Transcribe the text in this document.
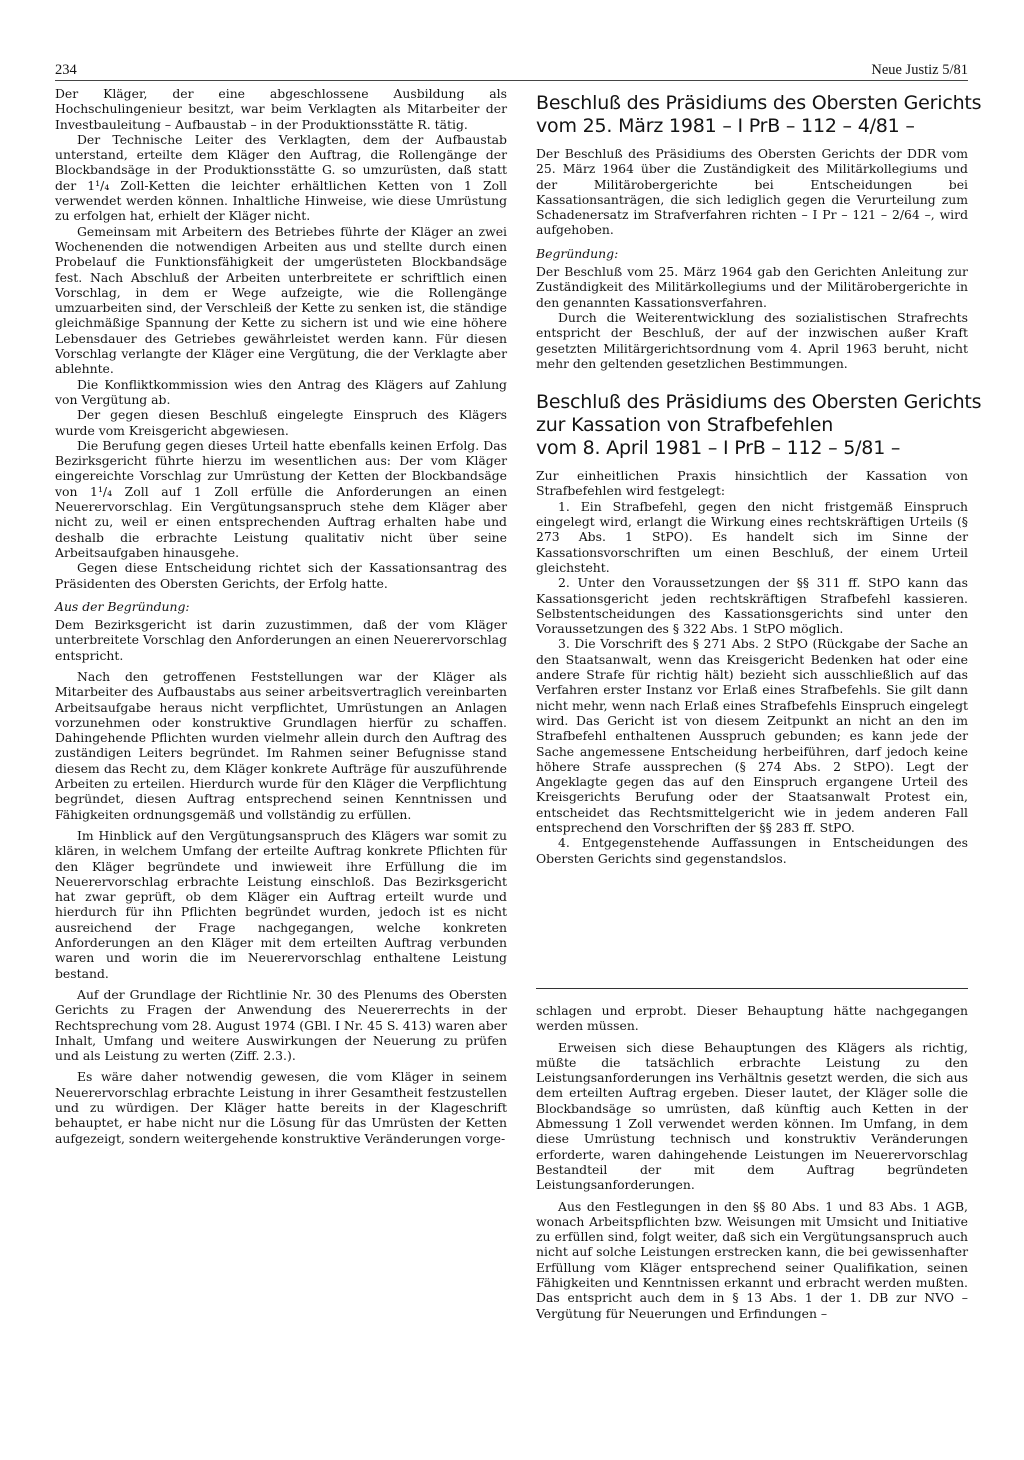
234	Neue Justiz 5/81

Der Kläger, der eine abgeschlossene Ausbildung als Hochschulingenieur besitzt, war beim Verklagten als Mitarbeiter der Investbauleitung – Aufbaustab – in der Produktionsstätte R. tätig.

Der Technische Leiter des Verklagten, dem der Aufbaustab unterstand, erteilte dem Kläger den Auftrag, die Rollengänge der Blockbandsäge in der Produktionsstätte G. so umzurüsten, daß statt der 1¹/₄ Zoll-Ketten die leichter erhältlichen Ketten von 1 Zoll verwendet werden können. Inhaltliche Hinweise, wie diese Umrüstung zu erfolgen hat, erhielt der Kläger nicht.

Gemeinsam mit Arbeitern des Betriebes führte der Kläger an zwei Wochenenden die notwendigen Arbeiten aus und stellte durch einen Probelauf die Funktionsfähigkeit der umgerüsteten Blockbandsäge fest. Nach Abschluß der Arbeiten unterbreitete er schriftlich einen Vorschlag, in dem er Wege aufzeigte, wie die Rollengänge umzuarbeiten sind, der Verschleiß der Kette zu senken ist, die ständige gleichmäßige Spannung der Kette zu sichern ist und wie eine höhere Lebensdauer des Getriebes gewährleistet werden kann. Für diesen Vorschlag verlangte der Kläger eine Vergütung, die der Verklagte aber ablehnte.

Die Konfliktkommission wies den Antrag des Klägers auf Zahlung von Vergütung ab.

Der gegen diesen Beschluß eingelegte Einspruch des Klägers wurde vom Kreisgericht abgewiesen.

Die Berufung gegen dieses Urteil hatte ebenfalls keinen Erfolg. Das Bezirksgericht führte hierzu im wesentlichen aus: Der vom Kläger eingereichte Vorschlag zur Umrüstung der Ketten der Blockbandsäge von 1¹/₄ Zoll auf 1 Zoll erfülle die Anforderungen an einen Neuerervorschlag. Ein Vergütungsanspruch stehe dem Kläger aber nicht zu, weil er einen entsprechenden Auftrag erhalten habe und deshalb die erbrachte Leistung qualitativ nicht über seine Arbeitsaufgaben hinausgehe.

Gegen diese Entscheidung richtet sich der Kassationsantrag des Präsidenten des Obersten Gerichts, der Erfolg hatte.

Aus der Begründung:

Dem Bezirksgericht ist darin zuzustimmen, daß der vom Kläger unterbreitete Vorschlag den Anforderungen an einen Neuerervorschlag entspricht.

Nach den getroffenen Feststellungen war der Kläger als Mitarbeiter des Aufbaustabs aus seiner arbeitsvertraglich vereinbarten Arbeitsaufgabe heraus nicht verpflichtet, Umrüstungen an Anlagen vorzunehmen oder konstruktive Grundlagen hierfür zu schaffen. Dahingehende Pflichten wurden vielmehr allein durch den Auftrag des zuständigen Leiters begründet. Im Rahmen seiner Befugnisse stand diesem das Recht zu, dem Kläger konkrete Aufträge für auszuführende Arbeiten zu erteilen. Hierdurch wurde für den Kläger die Verpflichtung begründet, diesen Auftrag entsprechend seinen Kenntnissen und Fähigkeiten ordnungsgemäß und vollständig zu erfüllen.

Im Hinblick auf den Vergütungsanspruch des Klägers war somit zu klären, in welchem Umfang der erteilte Auftrag konkrete Pflichten für den Kläger begründete und inwieweit ihre Erfüllung die im Neuerervorschlag erbrachte Leistung einschloß. Das Bezirksgericht hat zwar geprüft, ob dem Kläger ein Auftrag erteilt wurde und hierdurch für ihn Pflichten begründet wurden, jedoch ist es nicht ausreichend der Frage nachgegangen, welche konkreten Anforderungen an den Kläger mit dem erteilten Auftrag verbunden waren und worin die im Neuerervorschlag enthaltene Leistung bestand.

Auf der Grundlage der Richtlinie Nr. 30 des Plenums des Obersten Gerichts zu Fragen der Anwendung des Neuererrechts in der Rechtsprechung vom 28. August 1974 (GBl. I Nr. 45 S. 413) waren aber Inhalt, Umfang und weitere Auswirkungen der Neuerung zu prüfen und als Leistung zu werten (Ziff. 2.3.).

Es wäre daher notwendig gewesen, die vom Kläger in seinem Neuerervorschlag erbrachte Leistung in ihrer Gesamtheit festzustellen und zu würdigen. Der Kläger hatte bereits in der Klageschrift behauptet, er habe nicht nur die Lösung für das Umrüsten der Ketten aufgezeigt, sondern weitergehende konstruktive Veränderungen vorge-

Beschluß des Präsidiums des Obersten Gerichts
vom 25. März 1981 – I PrB – 112 – 4/81 –

Der Beschluß des Präsidiums des Obersten Gerichts der DDR vom 25. März 1964 über die Zuständigkeit des Militärkollegiums und der Militärobergerichte bei Entscheidungen bei Kassationsanträgen, die sich lediglich gegen die Verurteilung zum Schadenersatz im Strafverfahren richten – I Pr – 121 – 2/64 –, wird aufgehoben.

Begründung:

Der Beschluß vom 25. März 1964 gab den Gerichten Anleitung zur Zuständigkeit des Militärkollegiums und der Militärobergerichte in den genannten Kassationsverfahren.

Durch die Weiterentwicklung des sozialistischen Strafrechts entspricht der Beschluß, der auf der inzwischen außer Kraft gesetzten Militärgerichtsordnung vom 4. April 1963 beruht, nicht mehr den geltenden gesetzlichen Bestimmungen.

Beschluß des Präsidiums des Obersten Gerichts
zur Kassation von Strafbefehlen
vom 8. April 1981 – I PrB – 112 – 5/81 –

Zur einheitlichen Praxis hinsichtlich der Kassation von Strafbefehlen wird festgelegt:

1. Ein Strafbefehl, gegen den nicht fristgemäß Einspruch eingelegt wird, erlangt die Wirkung eines rechtskräftigen Urteils (§ 273 Abs. 1 StPO). Es handelt sich im Sinne der Kassationsvorschriften um einen Beschluß, der einem Urteil gleichsteht.

2. Unter den Voraussetzungen der §§ 311 ff. StPO kann das Kassationsgericht jeden rechtskräftigen Strafbefehl kassieren. Selbstentscheidungen des Kassationsgerichts sind unter den Voraussetzungen des § 322 Abs. 1 StPO möglich.

3. Die Vorschrift des § 271 Abs. 2 StPO (Rückgabe der Sache an den Staatsanwalt, wenn das Kreisgericht Bedenken hat oder eine andere Strafe für richtig hält) bezieht sich ausschließlich auf das Verfahren erster Instanz vor Erlaß eines Strafbefehls. Sie gilt dann nicht mehr, wenn nach Erlaß eines Strafbefehls Einspruch eingelegt wird. Das Gericht ist von diesem Zeitpunkt an nicht an den im Strafbefehl enthaltenen Ausspruch gebunden; es kann jede der Sache angemessene Entscheidung herbeiführen, darf jedoch keine höhere Strafe aussprechen (§ 274 Abs. 2 StPO). Legt der Angeklagte gegen das auf den Einspruch ergangene Urteil des Kreisgerichts Berufung oder der Staatsanwalt Protest ein, entscheidet das Rechtsmittelgericht wie in jedem anderen Fall entsprechend den Vorschriften der §§ 283 ff. StPO.

4. Entgegenstehende Auffassungen in Entscheidungen des Obersten Gerichts sind gegenstandslos.

schlagen und erprobt. Dieser Behauptung hätte nachgegangen werden müssen.

Erweisen sich diese Behauptungen des Klägers als richtig, müßte die tatsächlich erbrachte Leistung zu den Leistungsanforderungen ins Verhältnis gesetzt werden, die sich aus dem erteilten Auftrag ergeben. Dieser lautet, der Kläger solle die Blockbandsäge so umrüsten, daß künftig auch Ketten in der Abmessung 1 Zoll verwendet werden können. Im Umfang, in dem diese Umrüstung technisch und konstruktiv Veränderungen erforderte, waren dahingehende Leistungen im Neuerervorschlag Bestandteil der mit dem Auftrag begründeten Leistungsanforderungen.

Aus den Festlegungen in den §§ 80 Abs. 1 und 83 Abs. 1 AGB, wonach Arbeitspflichten bzw. Weisungen mit Umsicht und Initiative zu erfüllen sind, folgt weiter, daß sich ein Vergütungsanspruch auch nicht auf solche Leistungen erstrecken kann, die bei gewissenhafter Erfüllung vom Kläger entsprechend seiner Qualifikation, seinen Fähigkeiten und Kenntnissen erkannt und erbracht werden mußten. Das entspricht auch dem in § 13 Abs. 1 der 1. DB zur NVO – Vergütung für Neuerungen und Erfindungen –
